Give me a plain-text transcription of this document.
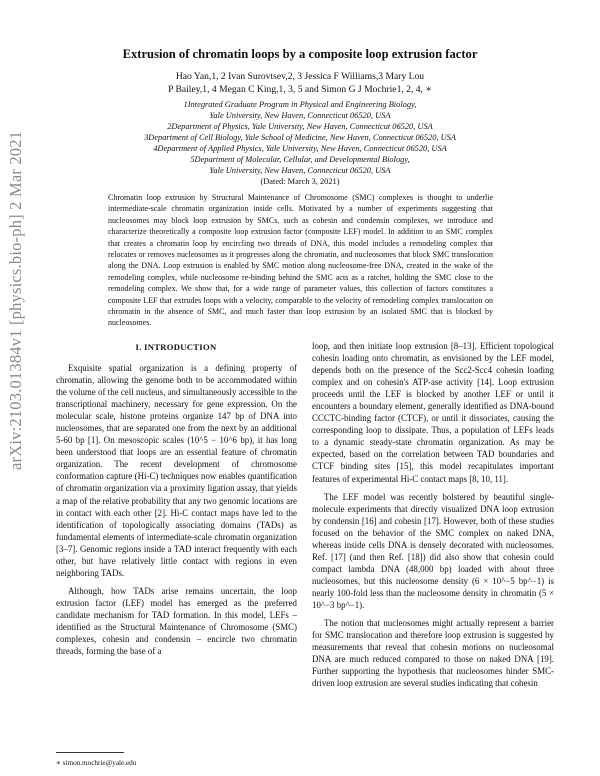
arXiv:2103.01384v1 [physics.bio-ph] 2 Mar 2021
Extrusion of chromatin loops by a composite loop extrusion factor
Hao Yan,1, 2 Ivan Surovtsev,2, 3 Jessica F Williams,3 Mary Lou
P Bailey,1, 4 Megan C King,1, 3, 5 and Simon G J Mochrie1, 2, 4, ∗
1Integrated Graduate Program in Physical and Engineering Biology,
Yale University, New Haven, Connecticut 06520, USA
2Department of Physics, Yale University, New Haven, Connecticut 06520, USA
3Department of Cell Biology, Yale School of Medicine, New Haven, Connecticut 06520, USA
4Department of Applied Physics, Yale University, New Haven, Connecticut 06520, USA
5Department of Molecular, Cellular, and Developmental Biology,
Yale University, New Haven, Connecticut 06520, USA
(Dated: March 3, 2021)
Chromatin loop extrusion by Structural Maintenance of Chromosome (SMC) complexes is thought to underlie intermediate-scale chromatin organization inside cells. Motivated by a number of experiments suggesting that nucleosomes may block loop extrusion by SMCs, such as cohesin and condensin complexes, we introduce and characterize theoretically a composite loop extrusion factor (composite LEF) model. In addition to an SMC complex that creates a chromatin loop by encircling two threads of DNA, this model includes a remodeling complex that relocates or removes nucleosomes as it progresses along the chromatin, and nucleosomes that block SMC translocation along the DNA. Loop extrusion is enabled by SMC motion along nucleosome-free DNA, created in the wake of the remodeling complex, while nucleosome re-binding behind the SMC acts as a ratchet, holding the SMC close to the remodeling complex. We show that, for a wide range of parameter values, this collection of factors constitutes a composite LEF that extrudes loops with a velocity, comparable to the velocity of remodeling complex translocation on chromatin in the absence of SMC, and much faster than loop extrusion by an isolated SMC that is blocked by nucleosomes.
I. INTRODUCTION

Exquisite spatial organization is a defining property of chromatin, allowing the genome both to be accommodated within the volume of the cell nucleus, and simultaneously accessible to the transcriptional machinery, necessary for gene expression. On the molecular scale, histone proteins organize 147 bp of DNA into nucleosomes, that are separated one from the next by an additional 5-60 bp [1]. On mesoscopic scales (10^5 − 10^6 bp), it has long been understood that loops are an essential feature of chromatin organization. The recent development of chromosome conformation capture (Hi-C) techniques now enables quantification of chromatin organization via a proximity ligation assay, that yields a map of the relative probability that any two genomic locations are in contact with each other [2]. Hi-C contact maps have led to the identification of topologically associating domains (TADs) as fundamental elements of intermediate-scale chromatin organization [3–7]. Genomic regions inside a TAD interact frequently with each other, but have relatively little contact with regions in even neighboring TADs.

Although, how TADs arise remains uncertain, the loop extrusion factor (LEF) model has emerged as the preferred candidate mechanism for TAD formation. In this model, LEFs – identified as the Structural Maintenance of Chromosome (SMC) complexes, cohesin and condensin – encircle two chromatin threads, forming the base of a

loop, and then initiate loop extrusion [8–13]. Efficient topological cohesin loading onto chromatin, as envisioned by the LEF model, depends both on the presence of the Scc2-Scc4 cohesin loading complex and on cohesin's ATP-ase activity [14]. Loop extrusion proceeds until the LEF is blocked by another LEF or until it encounters a boundary element, generally identified as DNA-bound CCCTC-binding factor (CTCF), or until it dissociates, causing the corresponding loop to dissipate. Thus, a population of LEFs leads to a dynamic steady-state chromatin organization. As may be expected, based on the correlation between TAD boundaries and CTCF binding sites [15], this model recapitulates important features of experimental Hi-C contact maps [8, 10, 11].

The LEF model was recently bolstered by beautiful single-molecule experiments that directly visualized DNA loop extrusion by condensin [16] and cohesin [17]. However, both of these studies focused on the behavior of the SMC complex on naked DNA, whereas inside cells DNA is densely decorated with nucleosomes. Ref. [17] (and then Ref. [18]) did also show that cohesin could compact lambda DNA (48,000 bp) loaded with about three nucleosomes, but this nucleosome density (6 × 10^−5 bp^−1) is nearly 100-fold less than the nucleosome density in chromatin (5 × 10^−3 bp^−1).

The notion that nucleosomes might actually represent a barrier for SMC translocation and therefore loop extrusion is suggested by measurements that reveal that cohesin motions on nucleosomal DNA are much reduced compared to those on naked DNA [19]. Further supporting the hypothesis that nucleosomes hinder SMC-driven loop extrusion are several studies indicating that cohesin

∗ simon.mochrie@yale.edu
